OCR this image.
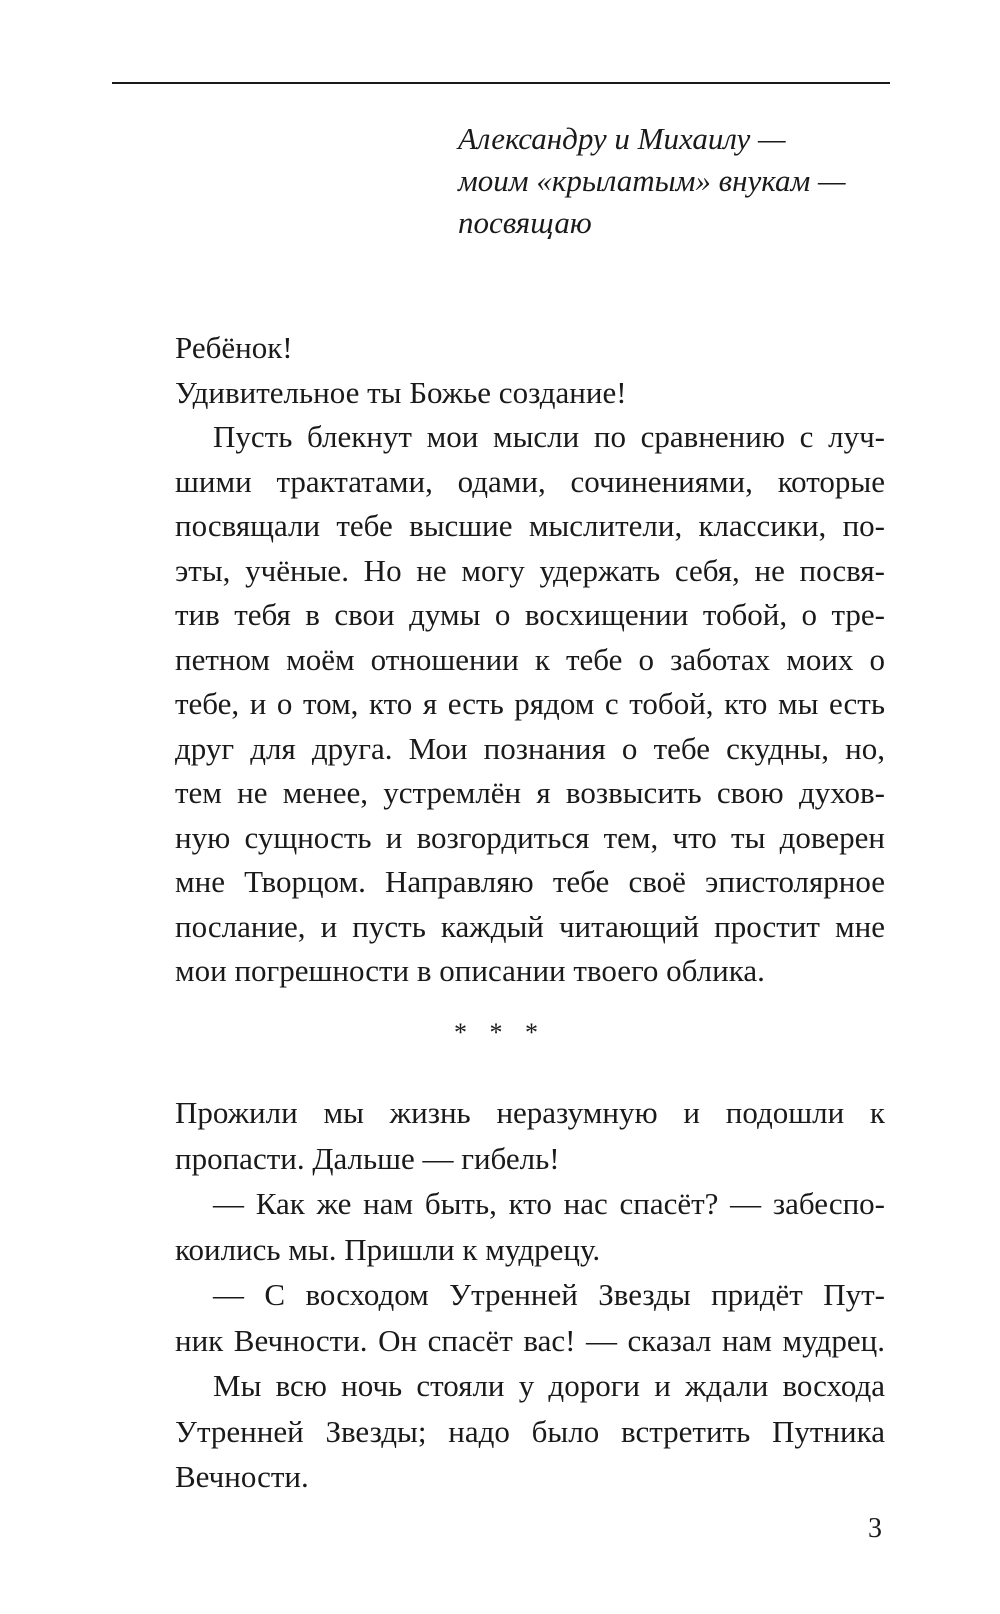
Александру и Михаилу —
моим «крылатым» внукам —
посвящаю
Ребёнок!
Удивительное ты Божье создание!
Пусть блекнут мои мысли по сравнению с луч-
шими трактатами, одами, сочинениями, которые
посвящали тебе высшие мыслители, классики, по-
эты, учёные. Но не могу удержать себя, не посвя-
тив тебя в свои думы о восхищении тобой, о тре-
петном моём отношении к тебе о заботах моих о
тебе, и о том, кто я есть рядом с тобой, кто мы есть
друг для друга. Мои познания о тебе скудны, но,
тем не менее, устремлён я возвысить свою духов-
ную сущность и возгордиться тем, что ты доверен
мне Творцом. Направляю тебе своё эпистолярное
послание, и пусть каждый читающий простит мне
мои погрешности в описании твоего облика.
* * *
Прожили мы жизнь неразумную и подошли к
пропасти. Дальше — гибель!
— Как же нам быть, кто нас спасёт? — забеспо-
коились мы. Пришли к мудрецу.
— С восходом Утренней Звезды придёт Пут-
ник Вечности. Он спасёт вас! — сказал нам мудрец.
Мы всю ночь стояли у дороги и ждали восхода
Утренней Звезды; надо было встретить Путника
Вечности.
3
